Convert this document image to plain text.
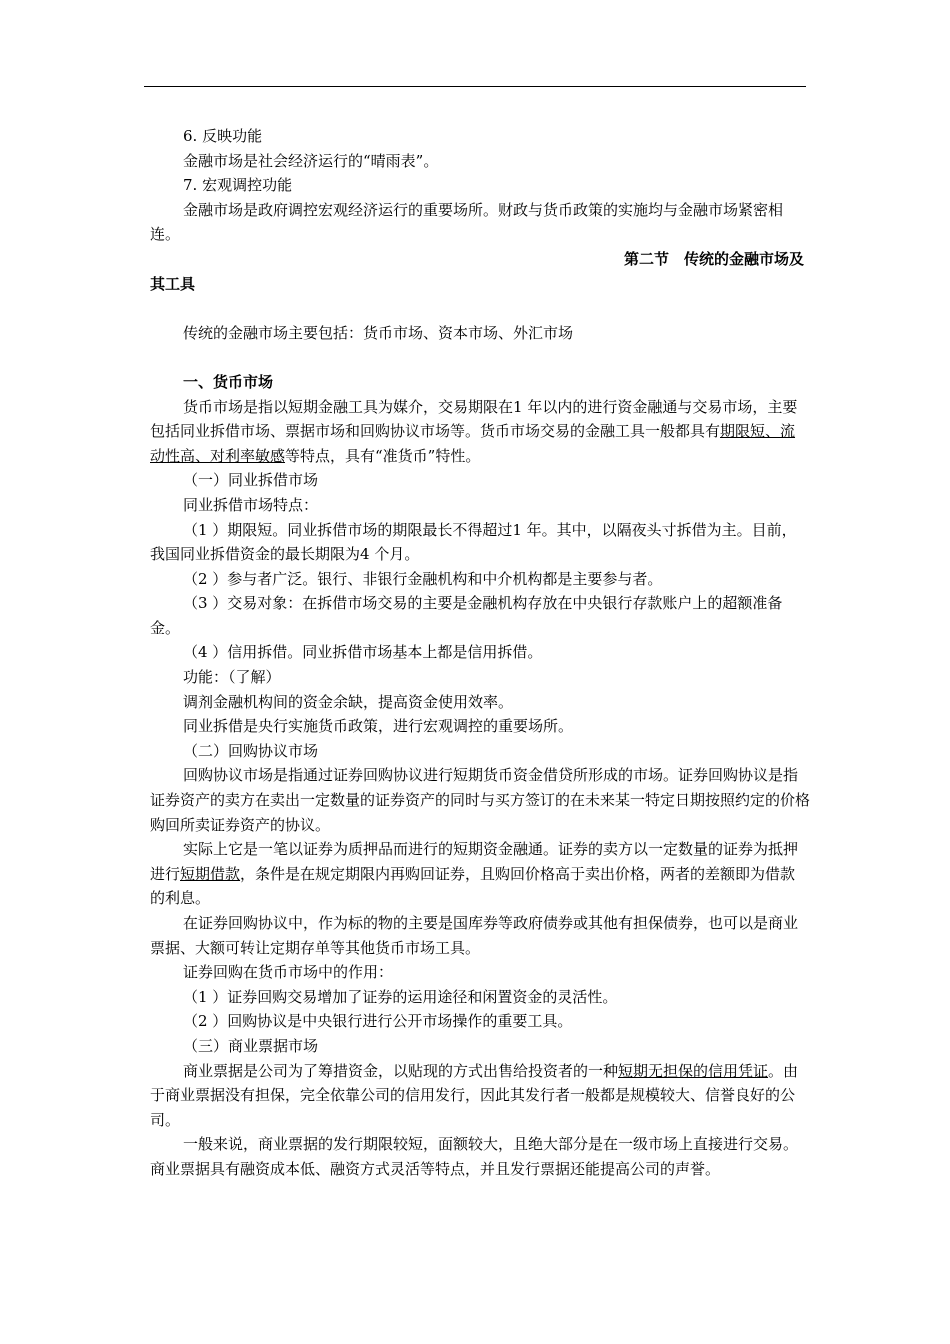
6. 反映功能

金融市场是社会经济运行的“晴雨表”。

7. 宏观调控功能

金融市场是政府调控宏观经济运行的重要场所。财政与货币政策的实施均与金融市场紧密相连。

第二节　传统的金融市场及

其工具

传统的金融市场主要包括：货币市场、资本市场、外汇市场

一、货币市场

货币市场是指以短期金融工具为媒介，交易期限在1 年以内的进行资金融通与交易市场，主要包括同业拆借市场、票据市场和回购协议市场等。货币市场交易的金融工具一般都具有期限短、流动性高、对利率敏感等特点，具有“准货币”特性。

（一）同业拆借市场

同业拆借市场特点：

（1 ）期限短。同业拆借市场的期限最长不得超过1 年。其中，以隔夜头寸拆借为主。目前，我国同业拆借资金的最长期限为4 个月。

（2 ）参与者广泛。银行、非银行金融机构和中介机构都是主要参与者。

（3 ）交易对象：在拆借市场交易的主要是金融机构存放在中央银行存款账户上的超额准备金。

（4 ）信用拆借。同业拆借市场基本上都是信用拆借。

功能：（了解）

调剂金融机构间的资金余缺，提高资金使用效率。

同业拆借是央行实施货币政策，进行宏观调控的重要场所。

（二）回购协议市场

回购协议市场是指通过证券回购协议进行短期货币资金借贷所形成的市场。证券回购协议是指证券资产的卖方在卖出一定数量的证券资产的同时与买方签订的在未来某一特定日期按照约定的价格购回所卖证券资产的协议。

实际上它是一笔以证券为质押品而进行的短期资金融通。证券的卖方以一定数量的证券为抵押进行短期借款，条件是在规定期限内再购回证券，且购回价格高于卖出价格，两者的差额即为借款的利息。

在证券回购协议中，作为标的物的主要是国库券等政府债券或其他有担保债券，也可以是商业票据、大额可转让定期存单等其他货币市场工具。

证券回购在货币市场中的作用：

（1 ）证券回购交易增加了证券的运用途径和闲置资金的灵活性。

（2 ）回购协议是中央银行进行公开市场操作的重要工具。

（三）商业票据市场

商业票据是公司为了筹措资金，以贴现的方式出售给投资者的一种短期无担保的信用凭证。由于商业票据没有担保，完全依靠公司的信用发行，因此其发行者一般都是规模较大、信誉良好的公司。

一般来说，商业票据的发行期限较短，面额较大，且绝大部分是在一级市场上直接进行交易。商业票据具有融资成本低、融资方式灵活等特点，并且发行票据还能提高公司的声誉。
